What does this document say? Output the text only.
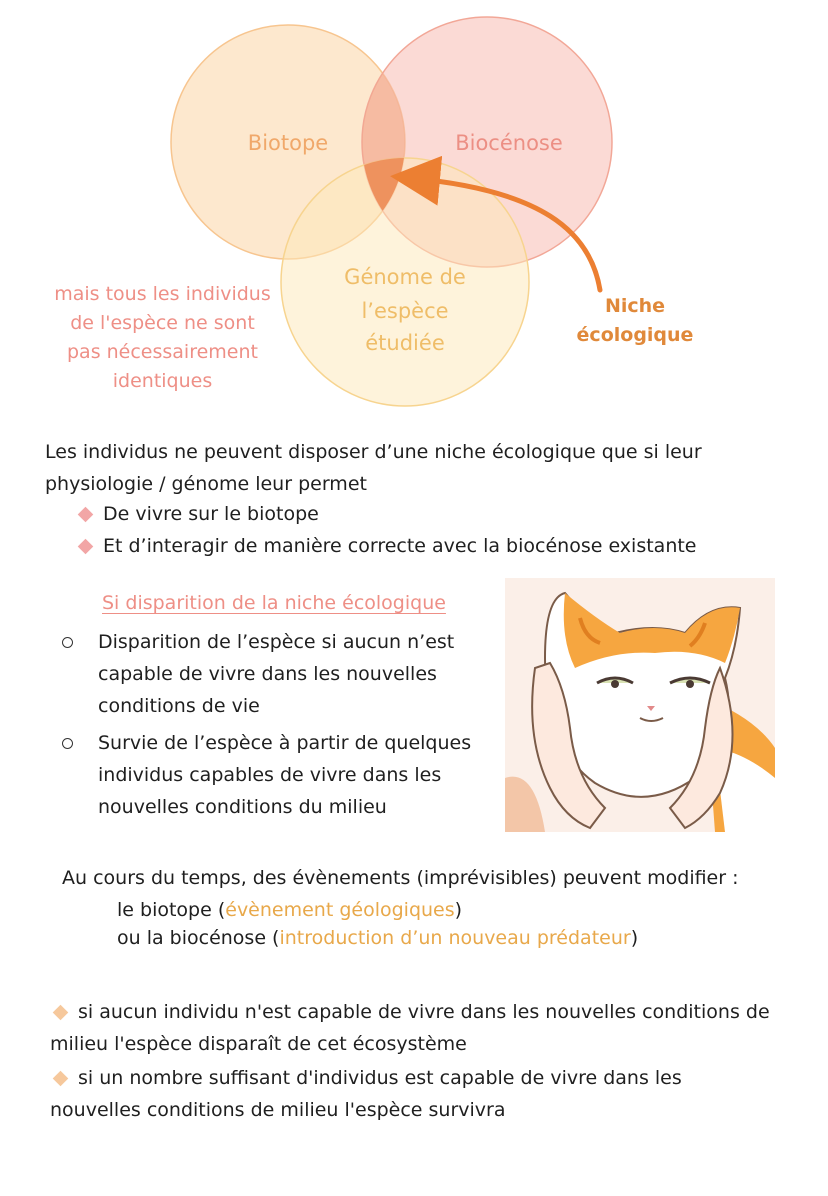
Biotope	Biocénose
Génome de
l’espèce
étudiée
mais tous les individus
de l'espèce ne sont
pas nécessairement
identiques
Niche
écologique
Les individus ne peuvent disposer d’une niche écologique que si leur
physiologie / génome leur permet
De vivre sur le biotope
Et d’interagir de manière correcte avec la biocénose existante
Si disparition de la niche écologique
Disparition de l’espèce si aucun n’est
capable de vivre dans les nouvelles
conditions de vie
Survie de l’espèce à partir de quelques
individus capables de vivre dans les
nouvelles conditions du milieu
Au cours du temps, des évènements (imprévisibles) peuvent modifier :
le biotope (évènement géologiques)
ou la biocénose (introduction d’un nouveau prédateur)
si aucun individu n'est capable de vivre dans les nouvelles conditions de
milieu l'espèce disparaît de cet écosystème
si un nombre suffisant d'individus est capable de vivre dans les
nouvelles conditions de milieu l'espèce survivra
